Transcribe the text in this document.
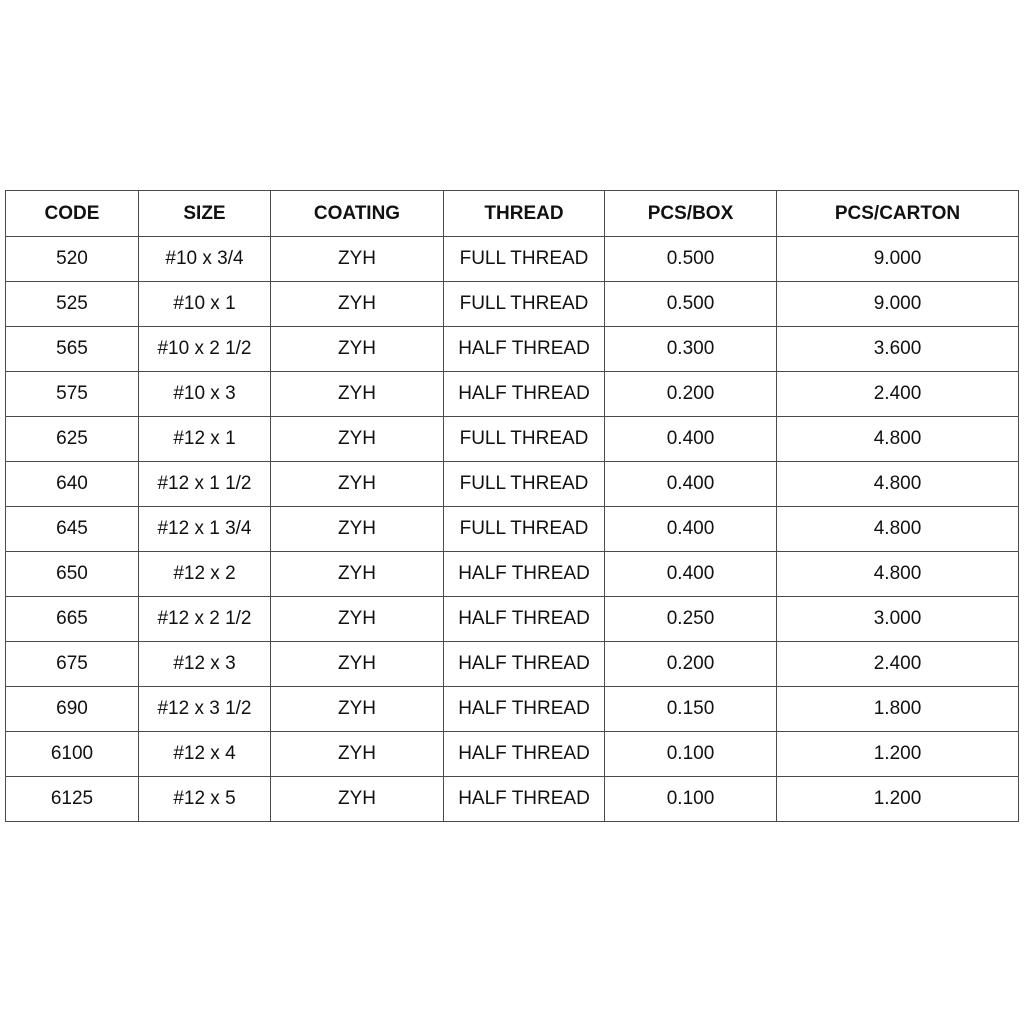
CODE	SIZE	COATING	THREAD	PCS/BOX	PCS/CARTON
520	#10 x 3/4	ZYH	FULL THREAD	0.500	9.000
525	#10 x 1	ZYH	FULL THREAD	0.500	9.000
565	#10 x 2 1/2	ZYH	HALF THREAD	0.300	3.600
575	#10 x 3	ZYH	HALF THREAD	0.200	2.400
625	#12 x 1	ZYH	FULL THREAD	0.400	4.800
640	#12 x 1 1/2	ZYH	FULL THREAD	0.400	4.800
645	#12 x 1 3/4	ZYH	FULL THREAD	0.400	4.800
650	#12 x 2	ZYH	HALF THREAD	0.400	4.800
665	#12 x 2 1/2	ZYH	HALF THREAD	0.250	3.000
675	#12 x 3	ZYH	HALF THREAD	0.200	2.400
690	#12 x 3 1/2	ZYH	HALF THREAD	0.150	1.800
6100	#12 x 4	ZYH	HALF THREAD	0.100	1.200
6125	#12 x 5	ZYH	HALF THREAD	0.100	1.200
